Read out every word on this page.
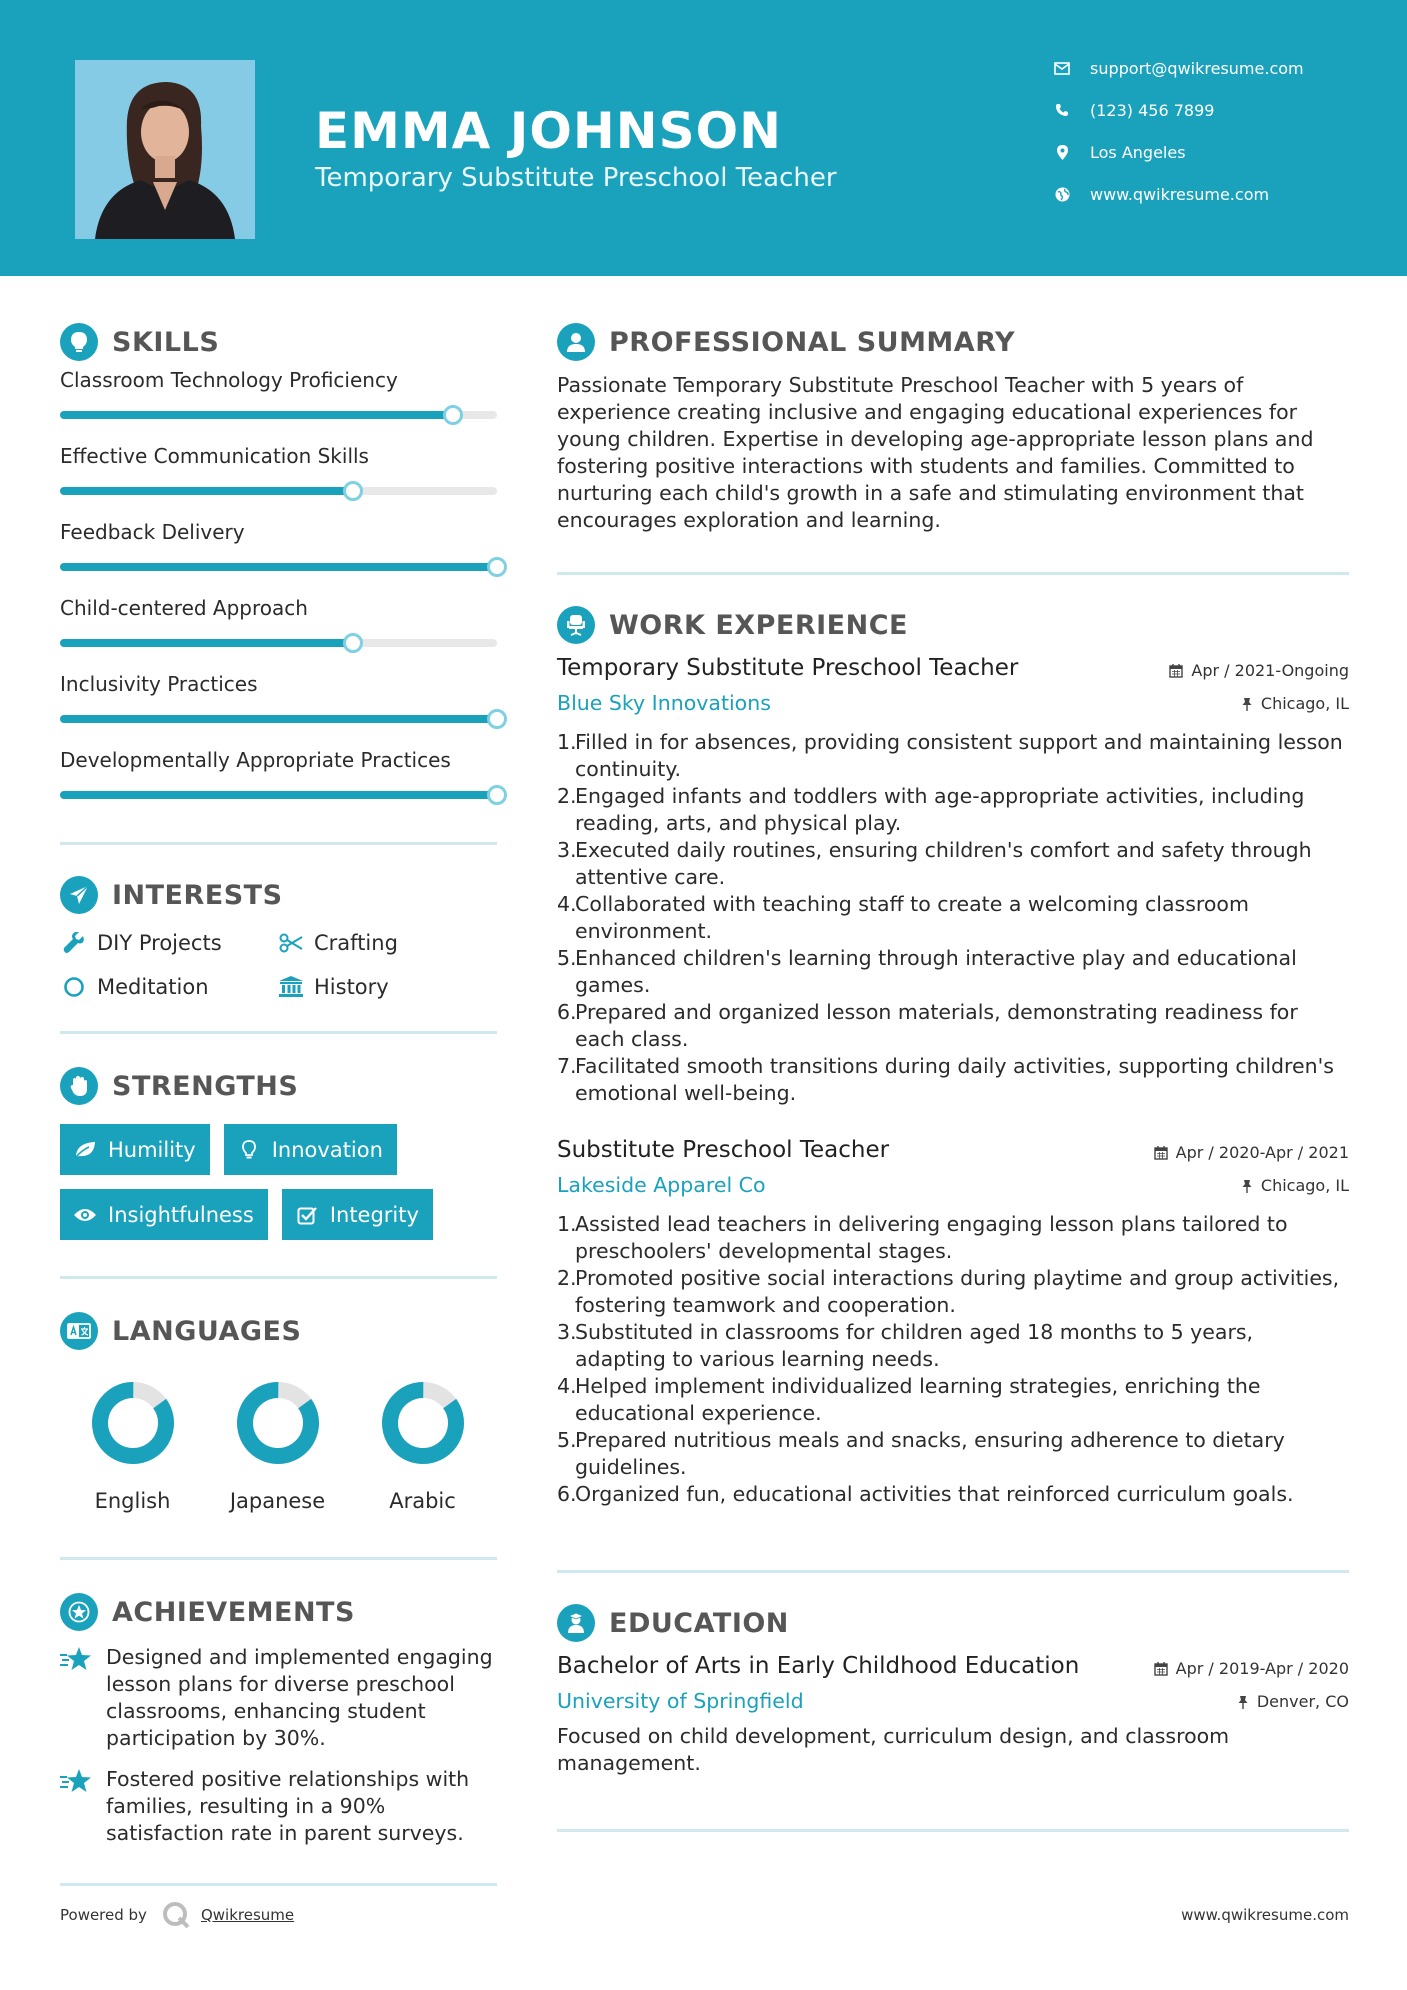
EMMA JOHNSON
Temporary Substitute Preschool Teacher
support@qwikresume.com
(123) 456 7899
Los Angeles
www.qwikresume.com
SKILLS
Classroom Technology Proficiency
Effective Communication Skills
Feedback Delivery
Child-centered Approach
Inclusivity Practices
Developmentally Appropriate Practices
INTERESTS
DIY Projects	Crafting
Meditation	History
STRENGTHS
Humility	Innovation
Insightfulness	Integrity
LANGUAGES
English	Japanese	Arabic
ACHIEVEMENTS

Designed and implemented engaging lesson plans for diverse preschool classrooms, enhancing student participation by 30%.

Fostered positive relationships with families, resulting in a 90% satisfaction rate in parent surveys.

PROFESSIONAL SUMMARY

Passionate Temporary Substitute Preschool Teacher with 5 years of experience creating inclusive and engaging educational experiences for young children. Expertise in developing age-appropriate lesson plans and fostering positive interactions with students and families. Committed to nurturing each child's growth in a safe and stimulating environment that encourages exploration and learning.

WORK EXPERIENCE
Temporary Substitute Preschool Teacher	Apr / 2021-Ongoing
Blue Sky Innovations	Chicago, IL
1.
Filled in for absences, providing consistent support and maintaining lesson continuity.
2.
Engaged infants and toddlers with age-appropriate activities, including reading, arts, and physical play.
3.
Executed daily routines, ensuring children's comfort and safety through attentive care.
4.
Collaborated with teaching staff to create a welcoming classroom environment.
5.
Enhanced children's learning through interactive play and educational games.
6.
Prepared and organized lesson materials, demonstrating readiness for each class.
7.
Facilitated smooth transitions during daily activities, supporting children's emotional well-being.
Substitute Preschool Teacher	Apr / 2020-Apr / 2021
Lakeside Apparel Co	Chicago, IL
1.
Assisted lead teachers in delivering engaging lesson plans tailored to preschoolers' developmental stages.
2.
Promoted positive social interactions during playtime and group activities, fostering teamwork and cooperation.
3.
Substituted in classrooms for children aged 18 months to 5 years, adapting to various learning needs.
4.
Helped implement individualized learning strategies, enriching the educational experience.
5.
Prepared nutritious meals and snacks, ensuring adherence to dietary guidelines.
6.
Organized fun, educational activities that reinforced curriculum goals.
EDUCATION
Bachelor of Arts in Early Childhood Education	Apr / 2019-Apr / 2020
University of Springfield	Denver, CO

Focused on child development, curriculum design, and classroom management.

Powered by	Qwikresume	www.qwikresume.com
